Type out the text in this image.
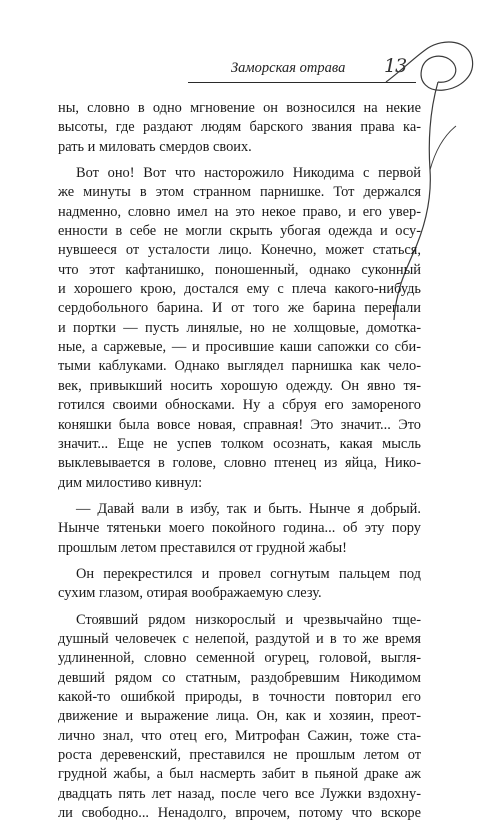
Заморская отрава 13
ны, словно в одно мгновение он возносился на некие
высоты, где раздают людям барского звания права ка-
рать и миловать смердов своих.
Вот оно! Вот что насторожило Никодима с первой
же минуты в этом странном парнишке. Тот держался
надменно, словно имел на это некое право, и его увер-
енности в себе не могли скрыть убогая одежда и осу-
нувшееся от усталости лицо. Конечно, может статься,
что этот кафтанишко, поношенный, однако суконный
и хорошего крою, достался ему с плеча какого-нибудь
сердобольного барина. И от того же барина перепали
и портки — пусть линялые, но не холщовые, домотка-
ные, а саржевые, — и просившие каши сапожки со сби-
тыми каблуками. Однако выглядел парнишка как чело-
век, привыкший носить хорошую одежду. Он явно тя-
готился своими обносками. Ну а сбруя его замореного
коняшки была вовсе новая, справная! Это значит... Это
значит... Еще не успев толком осознать, какая мысль
выклевывается в голове, словно птенец из яйца, Нико-
дим милостиво кивнул:
— Давай вали в избу, так и быть. Нынче я добрый.
Нынче тятеньки моего покойного година... об эту пору
прошлым летом преставился от грудной жабы!
Он перекрестился и провел согнутым пальцем под
сухим глазом, отирая воображаемую слезу.
Стоявший рядом низкорослый и чрезвычайно тще-
душный человечек с нелепой, раздутой и в то же время
удлиненной, словно семенной огурец, головой, выгля-
девший рядом со статным, раздобревшим Никодимом
какой-то ошибкой природы, в точности повторил его
движение и выражение лица. Он, как и хозяин, преот-
лично знал, что отец его, Митрофан Сажин, тоже ста-
роста деревенский, преставился не прошлым летом от
грудной жабы, а был насмерть забит в пьяной драке аж
двадцать пять лет назад, после чего все Лужки вздохну-
ли свободно... Ненадолго, впрочем, потому что вскоре
